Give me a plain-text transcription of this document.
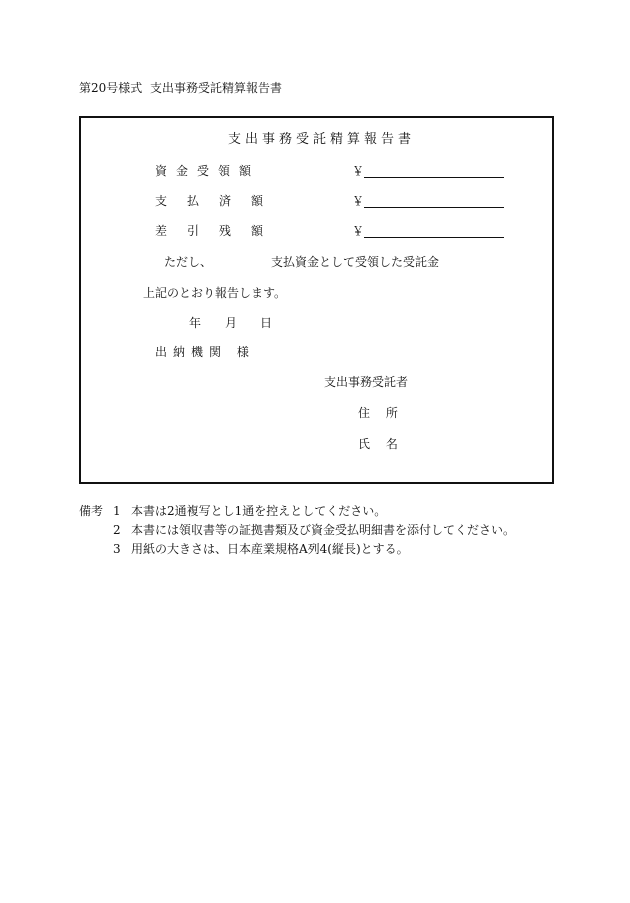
第20号様式 支出事務受託精算報告書
支出事務受託精算報告書
資金受領額	￥
支払済額	￥
差引残額	￥
ただし、	支払資金として受領した受託金
上記のとおり報告します。
年 月 日
出納機関 様
支出事務受託者
住 所
氏 名
備考 1 本書は2通複写とし1通を控えとしてください。
2 本書には領収書等の証拠書類及び資金受払明細書を添付してください。
3 用紙の大きさは、日本産業規格A列4(縦長)とする。
